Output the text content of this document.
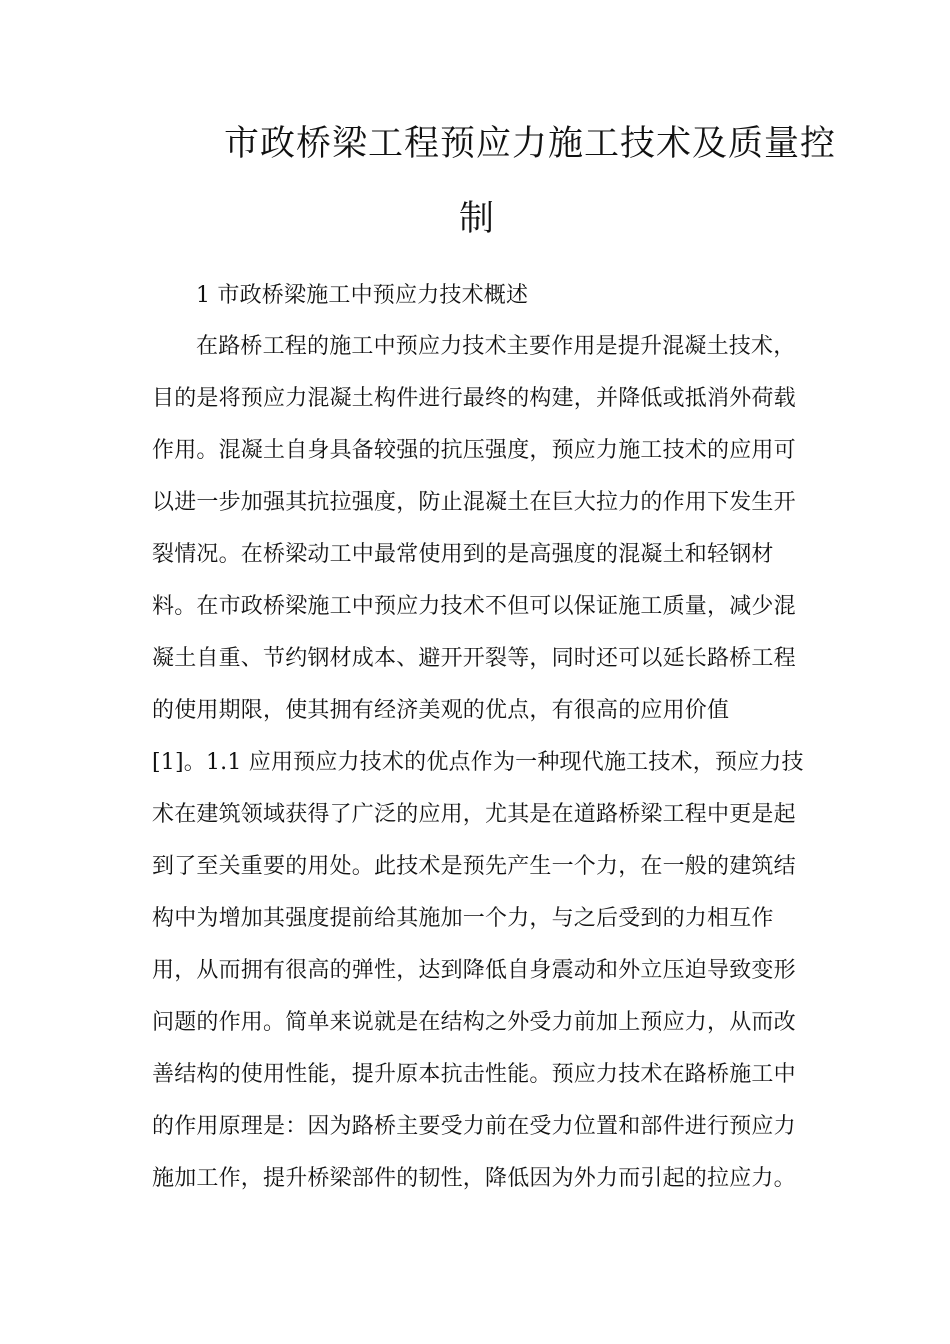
市政桥梁工程预应力施工技术及质量控
制
1 市政桥梁施工中预应力技术概述
在路桥工程的施工中预应力技术主要作用是提升混凝土技术，
目的是将预应力混凝土构件进行最终的构建，并降低或抵消外荷载
作用。混凝土自身具备较强的抗压强度，预应力施工技术的应用可
以进一步加强其抗拉强度，防止混凝土在巨大拉力的作用下发生开
裂情况。在桥梁动工中最常使用到的是高强度的混凝土和轻钢材
料。在市政桥梁施工中预应力技术不但可以保证施工质量，减少混
凝土自重、节约钢材成本、避开开裂等，同时还可以延长路桥工程
的使用期限，使其拥有经济美观的优点，有很高的应用价值
[1]。1.1 应用预应力技术的优点作为一种现代施工技术，预应力技
术在建筑领域获得了广泛的应用，尤其是在道路桥梁工程中更是起
到了至关重要的用处。此技术是预先产生一个力，在一般的建筑结
构中为增加其强度提前给其施加一个力，与之后受到的力相互作
用，从而拥有很高的弹性，达到降低自身震动和外立压迫导致变形
问题的作用。简单来说就是在结构之外受力前加上预应力，从而改
善结构的使用性能，提升原本抗击性能。预应力技术在路桥施工中
的作用原理是：因为路桥主要受力前在受力位置和部件进行预应力
施加工作，提升桥梁部件的韧性，降低因为外力而引起的拉应力。
